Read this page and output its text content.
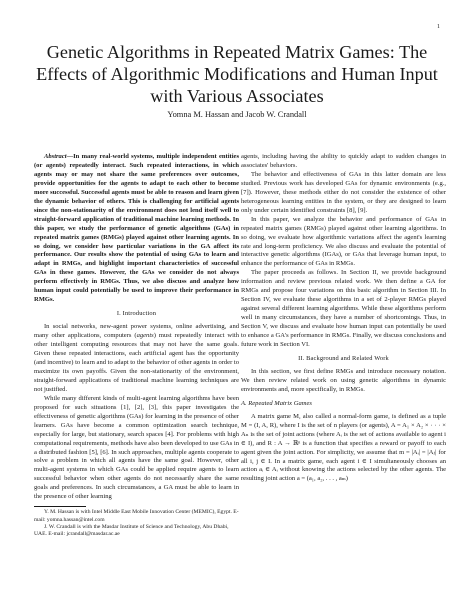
1
Genetic Algorithms in Repeated Matrix Games: The Effects of Algorithmic Modifications and Human Input with Various Associates
Yomna M. Hassan and Jacob W. Crandall

Abstract—In many real-world systems, multiple independent entities (or agents) repeatedly interact. Such repeated interactions, in which agents may or may not share the same preferences over outcomes, provide opportunities for the agents to adapt to each other to become more successful. Successful agents must be able to reason and learn given the dynamic behavior of others. This is challenging for artificial agents since the non-stationarity of the environment does not lend itself well to straight-forward application of traditional machine learning methods. In this paper, we study the performance of genetic algorithms (GAs) in repeated matrix games (RMGs) played against other learning agents. In so doing, we consider how particular variations in the GA affect its performance. Our results show the potential of using GAs to learn and adapt in RMGs, and highlight important characteristics of successful GAs in these games. However, the GAs we consider do not always perform effectively in RMGs. Thus, we also discuss and analyze how human input could potentially be used to improve their performance in RMGs.

I. Introduction

In social networks, new-agent power systems, online advertising, and many other applications, computers (agents) must repeatedly interact with other intelligent computing resources that may not have the same goals. Given these repeated interactions, each artificial agent has the opportunity (and incentive) to learn and to adapt to the behavior of other agents in order to maximize its own payoffs. Given the non-stationarity of the environment, straight-forward applications of traditional machine learning techniques are not justified.

While many different kinds of multi-agent learning algorithms have been proposed for such situations [1], [2], [3], this paper investigates the effectiveness of genetic algorithms (GAs) for learning in the presence of other learners. GAs have become a common optimization search technique, especially for large, but stationary, search spaces [4]. For problems with high computational requirements, methods have also been developed to use GAs in a distributed fashion [5], [6]. In such approaches, multiple agents cooperate to solve a problem in which all agents have the same goal. However, other multi-agent systems in which GAs could be applied require agents to learn successful behavior when other agents do not necessarily share the same goals and preferences. In such circumstances, a GA must be able to learn in the presence of other learning

Y. M. Hassan is with Intel Middle East Mobile Innovation Center (MEMIC), Egypt. E-mail: yomna.hassan@intel.com

J. W. Crandall is with the Masdar Institute of Science and Technology, Abu Dhabi, UAE. E-mail: jcrandall@masdar.ac.ae

agents, including having the ability to quickly adapt to sudden changes in associates' behaviors.

The behavior and effectiveness of GAs in this latter domain are less studied. Previous work has developed GAs for dynamic environments (e.g., [7]). However, these methods either do not consider the existence of other heterogeneous learning entities in the system, or they are designed to learn only under certain identified constraints [8], [9].

In this paper, we analyze the behavior and performance of GAs in repeated matrix games (RMGs) played against other learning algorithms. In so doing, we evaluate how algorithmic variations affect the agent's learning rate and long-term proficiency. We also discuss and evaluate the potential of interactive genetic algorithms (IGAs), or GAs that leverage human input, to enhance the performance of GAs in RMGs.

The paper proceeds as follows. In Section II, we provide background information and review previous related work. We then define a GA for RMGs and propose four variations on this basic algorithm in Section III. In Section IV, we evaluate these algorithms in a set of 2-player RMGs played against several different learning algorithms. While these algorithms perform well in many circumstances, they have a number of shortcomings. Thus, in Section V, we discuss and evaluate how human input can potentially be used to enhance a GA's performance in RMGs. Finally, we discuss conclusions and future work in Section VI.

II. Background and Related Work

In this section, we first define RMGs and introduce necessary notation. We then review related work on using genetic algorithms in dynamic environments and, more specifically, in RMGs.

A. Repeated Matrix Games

A matrix game M, also called a normal-form game, is defined as a tuple M = (I, A, R), where I is the set of n players (or agents), A = A₁ × A₂ × · · · × Aₙ is the set of joint actions (where Aᵢ is the set of actions available to agent i ∈ I), and R : A → ℝⁿ is a function that specifies a reward or payoff to each agent given the joint action. For simplicity, we assume that m = |Aᵢ| = |Aⱼ| for all i, j ∈ I. In a matrix game, each agent i ∈ I simultaneously chooses an action aᵢ ∈ Aᵢ without knowing the actions selected by the other agents. The resulting joint action a = (a₁, a₂, . . . , aₘ)
